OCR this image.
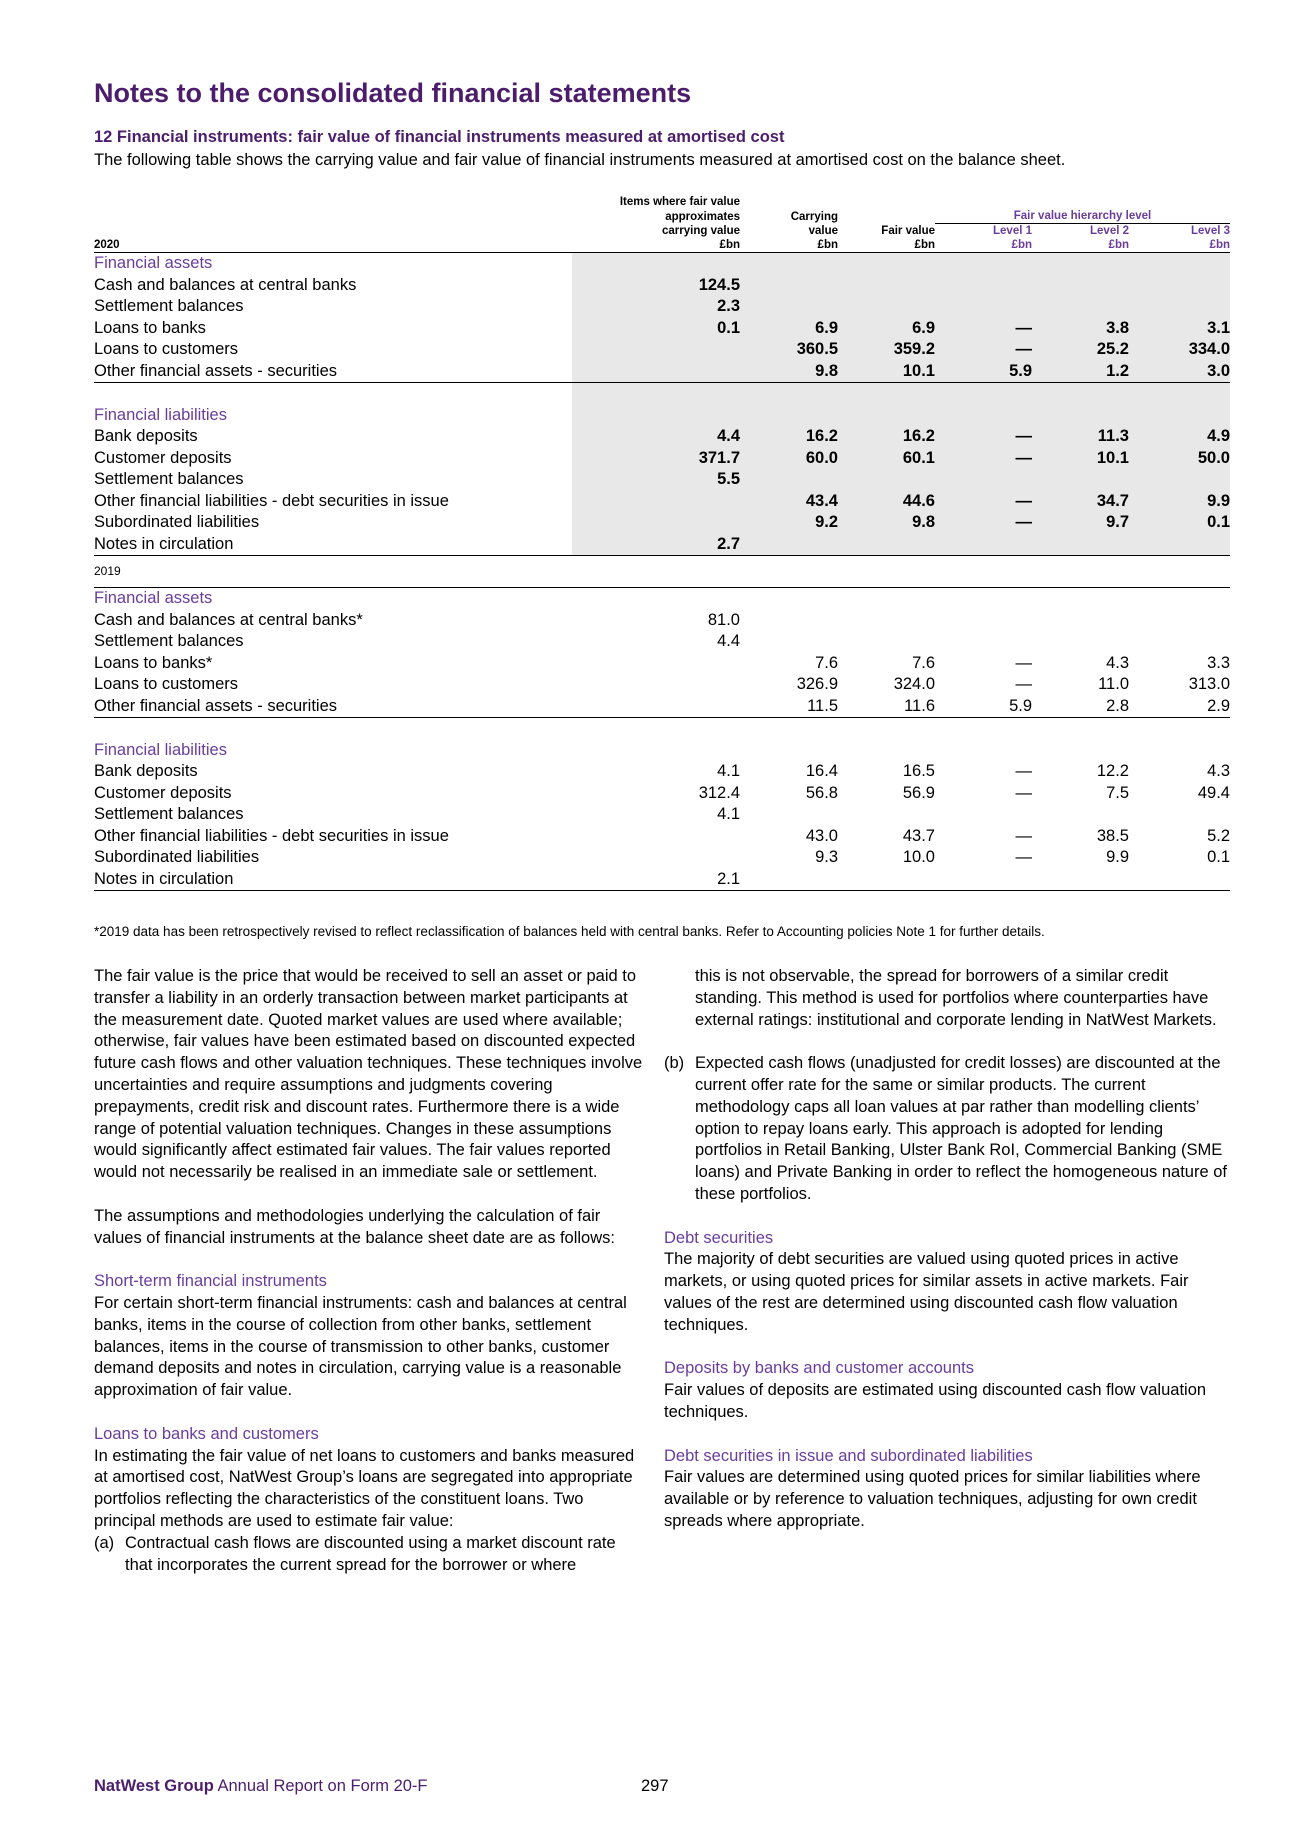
Notes to the consolidated financial statements
12 Financial instruments: fair value of financial instruments measured at amortised cost
The following table shows the carrying value and fair value of financial instruments measured at amortised cost on the balance sheet.
	Items where fair value					
	approximates	Carrying		Fair value hierarchy level		
	carrying value	value	Fair value	Level 1	Level 2	Level 3
2020	£bn	£bn	£bn	£bn	£bn	£bn
Financial assets						
Cash and balances at central banks	124.5					
Settlement balances	2.3					
Loans to banks	0.1	6.9	6.9	—	3.8	3.1
Loans to customers		360.5	359.2	—	25.2	334.0
Other financial assets - securities		9.8	10.1	5.9	1.2	3.0

Financial liabilities						
Bank deposits	4.4	16.2	16.2	—	11.3	4.9
Customer deposits	371.7	60.0	60.1	—	10.1	50.0
Settlement balances	5.5					
Other financial liabilities - debt securities in issue		43.4	44.6	—	34.7	9.9
Subordinated liabilities		9.2	9.8	—	9.7	0.1
Notes in circulation	2.7					
2019						
Financial assets						
Cash and balances at central banks*	81.0					
Settlement balances	4.4					
Loans to banks*		7.6	7.6	—	4.3	3.3
Loans to customers		326.9	324.0	—	11.0	313.0
Other financial assets - securities		11.5	11.6	5.9	2.8	2.9

Financial liabilities						
Bank deposits	4.1	16.4	16.5	—	12.2	4.3
Customer deposits	312.4	56.8	56.9	—	7.5	49.4
Settlement balances	4.1					
Other financial liabilities - debt securities in issue		43.0	43.7	—	38.5	5.2
Subordinated liabilities		9.3	10.0	—	9.9	0.1
Notes in circulation	2.1					
*2019 data has been retrospectively revised to reflect reclassification of balances held with central banks. Refer to Accounting policies Note 1 for further details.

The fair value is the price that would be received to sell an asset or paid to transfer a liability in an orderly transaction between market participants at the measurement date. Quoted market values are used where available; otherwise, fair values have been estimated based on discounted expected future cash flows and other valuation techniques. These techniques involve uncertainties and require assumptions and judgments covering prepayments, credit risk and discount rates. Furthermore there is a wide range of potential valuation techniques. Changes in these assumptions would significantly affect estimated fair values. The fair values reported would not necessarily be realised in an immediate sale or settlement.

The assumptions and methodologies underlying the calculation of fair values of financial instruments at the balance sheet date are as follows:

Short-term financial instruments
For certain short-term financial instruments: cash and balances at central banks, items in the course of collection from other banks, settlement balances, items in the course of transmission to other banks, customer demand deposits and notes in circulation, carrying value is a reasonable approximation of fair value.

Loans to banks and customers
In estimating the fair value of net loans to customers and banks measured at amortised cost, NatWest Group’s loans are segregated into appropriate portfolios reflecting the characteristics of the constituent loans. Two principal methods are used to estimate fair value:
(a) Contractual cash flows are discounted using a market discount rate that incorporates the current spread for the borrower or where
this is not observable, the spread for borrowers of a similar credit standing. This method is used for portfolios where counterparties have external ratings: institutional and corporate lending in NatWest Markets.
(b) Expected cash flows (unadjusted for credit losses) are discounted at the current offer rate for the same or similar products. The current methodology caps all loan values at par rather than modelling clients’ option to repay loans early. This approach is adopted for lending portfolios in Retail Banking, Ulster Bank RoI, Commercial Banking (SME loans) and Private Banking in order to reflect the homogeneous nature of these portfolios.

Debt securities
The majority of debt securities are valued using quoted prices in active markets, or using quoted prices for similar assets in active markets. Fair values of the rest are determined using discounted cash flow valuation techniques.

Deposits by banks and customer accounts
Fair values of deposits are estimated using discounted cash flow valuation techniques.

Debt securities in issue and subordinated liabilities
Fair values are determined using quoted prices for similar liabilities where available or by reference to valuation techniques, adjusting for own credit spreads where appropriate.

NatWest Group Annual Report on Form 20-F	297
